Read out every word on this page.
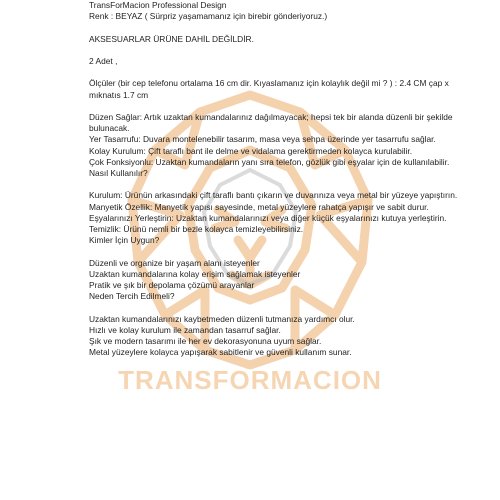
TRANSFORMACION

TransForMacion Professional Design

Renk : BEYAZ ( Sürpriz yaşamamanız için birebir gönderiyoruz.)

AKSESUARLAR ÜRÜNE DAHİL DEĞİLDİR.

2 Adet ,

Ölçüler (bir cep telefonu ortalama 16 cm dir. Kıyaslamanız için kolaylık değil mi ? ) : 2.4 CM çap x mıknatıs 1.7 cm

Düzen Sağlar: Artık uzaktan kumandalarınız dağılmayacak; hepsi tek bir alanda düzenli bir şekilde bulunacak.

Yer Tasarrufu: Duvara montelenebilir tasarım, masa veya sehpa üzerinde yer tasarrufu sağlar.

Kolay Kurulum: Çift taraflı bant ile delme ve vidalama gerektirmeden kolayca kurulabilir.

Çok Fonksiyonlu: Uzaktan kumandaların yanı sıra telefon, gözlük gibi eşyalar için de kullanılabilir.

Nasıl Kullanılır?

Kurulum: Ürünün arkasındaki çift taraflı bantı çıkarın ve duvarınıza veya metal bir yüzeye yapıştırın.

Manyetik Özellik: Manyetik yapısı sayesinde, metal yüzeylere rahatça yapışır ve sabit durur.

Eşyalarınızı Yerleştirin: Uzaktan kumandalarınızı veya diğer küçük eşyalarınızı kutuya yerleştirin.

Temizlik: Ürünü nemli bir bezle kolayca temizleyebilirsiniz.

Kimler İçin Uygun?

Düzenli ve organize bir yaşam alanı isteyenler

Uzaktan kumandalarına kolay erişim sağlamak isteyenler

Pratik ve şık bir depolama çözümü arayanlar

Neden Tercih Edilmeli?

Uzaktan kumandalarınızı kaybetmeden düzenli tutmanıza yardımcı olur.

Hızlı ve kolay kurulum ile zamandan tasarruf sağlar.

Şık ve modern tasarımı ile her ev dekorasyonuna uyum sağlar.

Metal yüzeylere kolayca yapışarak sabitlenir ve güvenli kullanım sunar.
